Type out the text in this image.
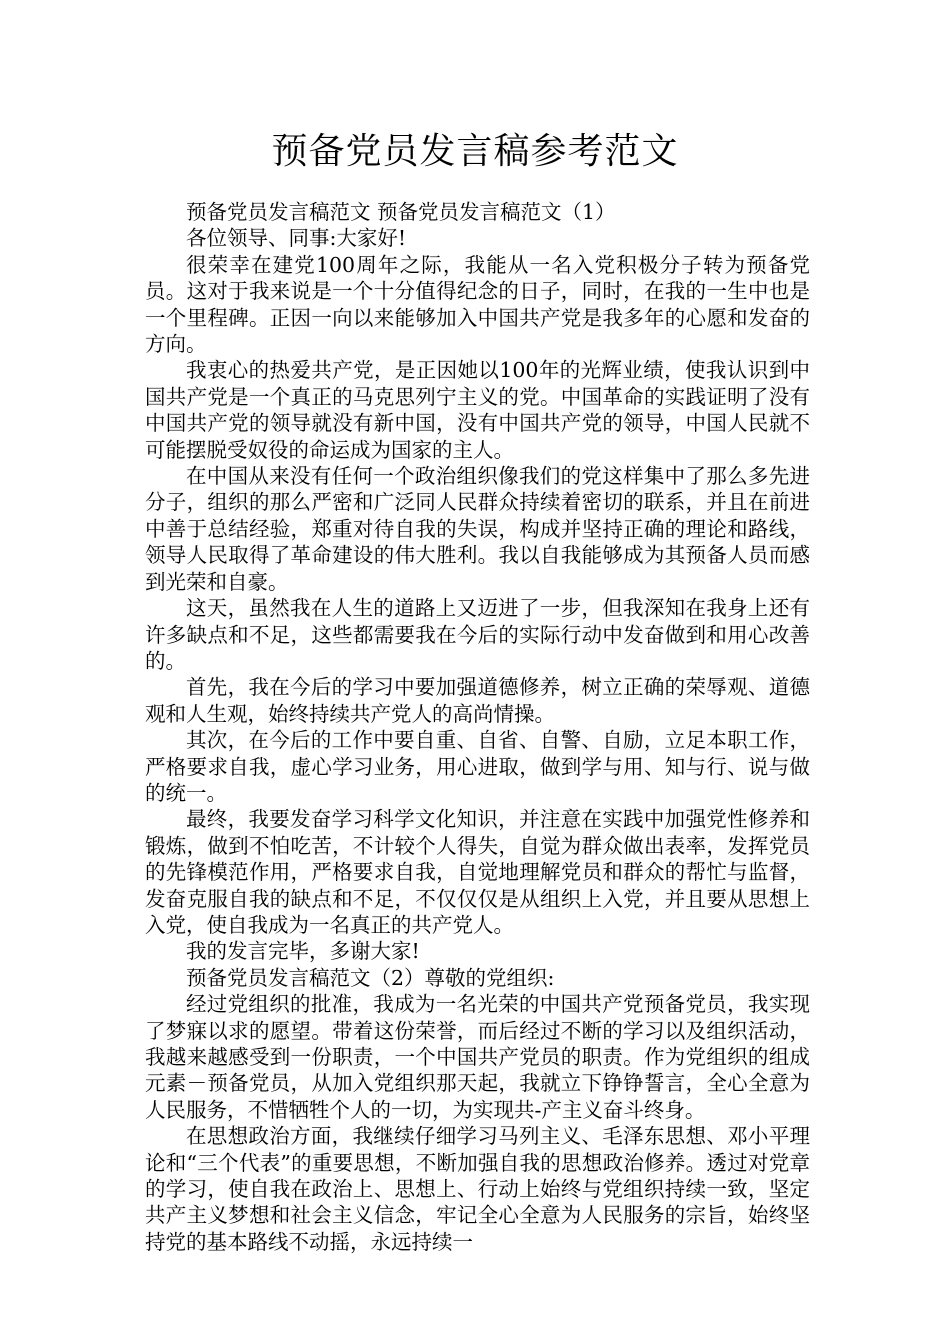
预备党员发言稿参考范文

预备党员发言稿范文 预备党员发言稿范文（1）

各位领导、同事:大家好!

很荣幸在建党100周年之际，我能从一名入党积极分子转为预备党员。这对于我来说是一个十分值得纪念的日子，同时，在我的一生中也是一个里程碑。正因一向以来能够加入中国共产党是我多年的心愿和发奋的方向。

我衷心的热爱共产党，是正因她以100年的光辉业绩，使我认识到中国共产党是一个真正的马克思列宁主义的党。中国革命的实践证明了没有中国共产党的领导就没有新中国，没有中国共产党的领导，中国人民就不可能摆脱受奴役的命运成为国家的主人。

在中国从来没有任何一个政治组织像我们的党这样集中了那么多先进分子，组织的那么严密和广泛同人民群众持续着密切的联系，并且在前进中善于总结经验，郑重对待自我的失误，构成并坚持正确的理论和路线，领导人民取得了革命建设的伟大胜利。我以自我能够成为其预备人员而感到光荣和自豪。

这天，虽然我在人生的道路上又迈进了一步，但我深知在我身上还有许多缺点和不足，这些都需要我在今后的实际行动中发奋做到和用心改善的。

首先，我在今后的学习中要加强道德修养，树立正确的荣辱观、道德观和人生观，始终持续共产党人的高尚情操。

其次，在今后的工作中要自重、自省、自警、自励，立足本职工作，严格要求自我，虚心学习业务，用心进取，做到学与用、知与行、说与做的统一。

最终，我要发奋学习科学文化知识，并注意在实践中加强党性修养和锻炼，做到不怕吃苦，不计较个人得失，自觉为群众做出表率，发挥党员的先锋模范作用，严格要求自我，自觉地理解党员和群众的帮忙与监督，发奋克服自我的缺点和不足，不仅仅仅是从组织上入党，并且要从思想上入党，使自我成为一名真正的共产党人。

我的发言完毕，多谢大家!

预备党员发言稿范文（2）尊敬的党组织:

经过党组织的批准，我成为一名光荣的中国共产党预备党员，我实现了梦寐以求的愿望。带着这份荣誉，而后经过不断的学习以及组织活动，我越来越感受到一份职责，一个中国共产党员的职责。作为党组织的组成元素－预备党员，从加入党组织那天起，我就立下铮铮誓言，全心全意为人民服务，不惜牺牲个人的一切，为实现共-产主义奋斗终身。

在思想政治方面，我继续仔细学习马列主义、毛泽东思想、邓小平理论和“三个代表”的重要思想，不断加强自我的思想政治修养。透过对党章的学习，使自我在政治上、思想上、行动上始终与党组织持续一致，坚定共产主义梦想和社会主义信念，牢记全心全意为人民服务的宗旨，始终坚持党的基本路线不动摇，永远持续一
